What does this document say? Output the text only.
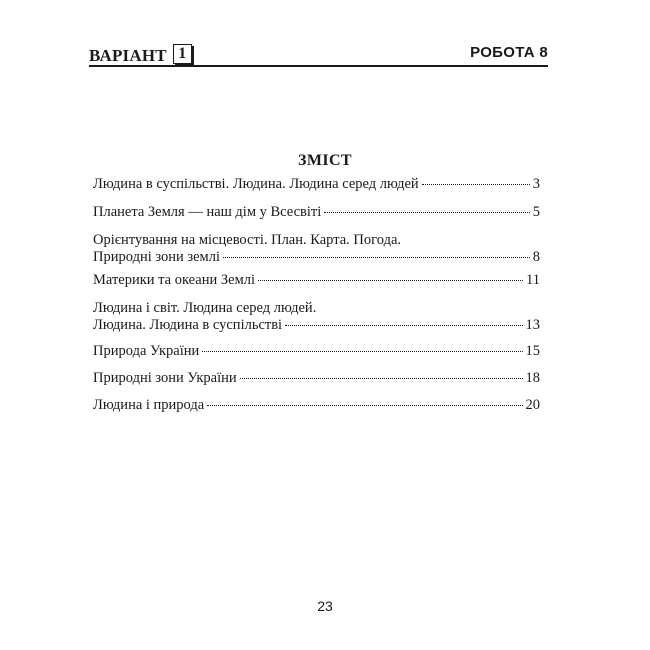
ВАРІАНТ 1	РОБОТА 8
ЗМІСТ
Людина в суспільстві. Людина. Людина серед людей	3
Планета Земля — наш дім у Всесвіті	5
Орієнтування на місцевості. План. Карта. Погода.
Природні зони землі	8
Материки та океани Землі	11
Людина і світ. Людина серед людей.
Людина. Людина в суспільстві	13
Природа України	15
Природні зони України	18
Людина і природа	20
23
